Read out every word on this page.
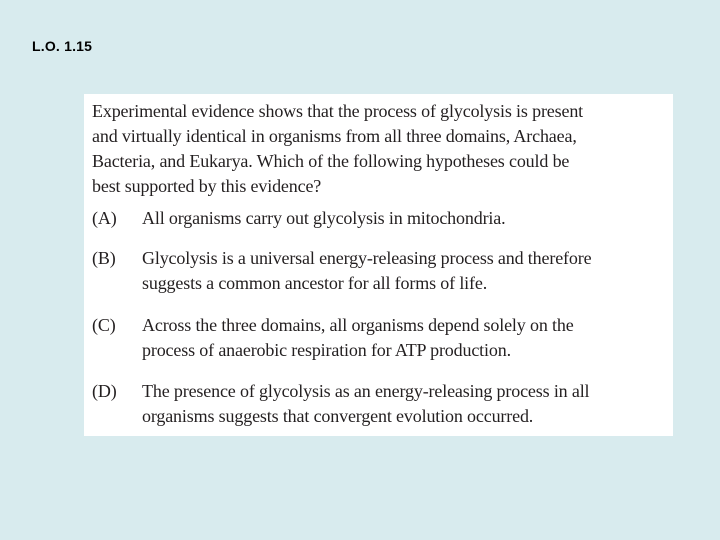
L.O. 1.15

Experimental evidence shows that the process of glycolysis is present
and virtually identical in organisms from all three domains, Archaea,
Bacteria, and Eukarya. Which of the following hypotheses could be
best supported by this evidence?

(A)	All organisms carry out glycolysis in mitochondria.
(B)	Glycolysis is a universal energy-releasing process and therefore
suggests a common ancestor for all forms of life.
(C)	Across the three domains, all organisms depend solely on the
process of anaerobic respiration for ATP production.
(D)	The presence of glycolysis as an energy-releasing process in all
organisms suggests that convergent evolution occurred.
